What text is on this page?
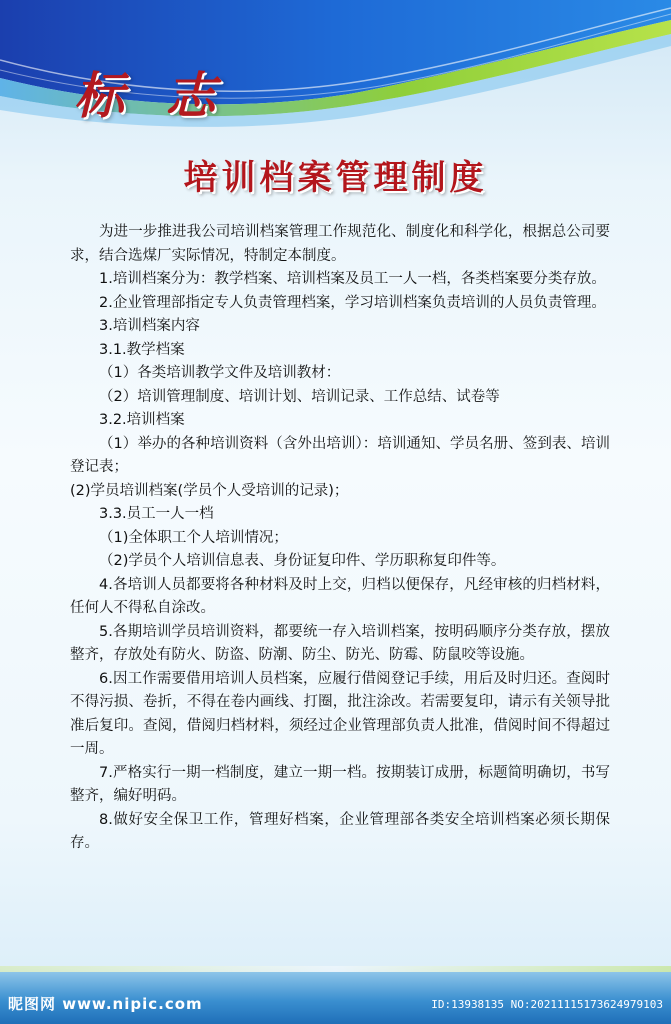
标 志
培训档案管理制度

为进一步推进我公司培训档案管理工作规范化、制度化和科学化，根据总公司要求，结合选煤厂实际情况，特制定本制度。

1.培训档案分为：教学档案、培训档案及员工一人一档，各类档案要分类存放。

2.企业管理部指定专人负责管理档案，学习培训档案负责培训的人员负责管理。

3.培训档案内容

3.1.教学档案

（1）各类培训教学文件及培训教材：

（2）培训管理制度、培训计划、培训记录、工作总结、试卷等

3.2.培训档案

（1）举办的各种培训资料（含外出培训）：培训通知、学员名册、签到表、培训登记表；

(2)学员培训档案(学员个人受培训的记录)；

3.3.员工一人一档

（1)全体职工个人培训情况；

（2)学员个人培训信息表、身份证复印件、学历职称复印件等。

4.各培训人员都要将各种材料及时上交，归档以便保存，凡经审核的归档材料，任何人不得私自涂改。

5.各期培训学员培训资料，都要统一存入培训档案，按明码顺序分类存放，摆放整齐，存放处有防火、防盗、防潮、防尘、防光、防霉、防鼠咬等设施。

6.因工作需要借用培训人员档案，应履行借阅登记手续，用后及时归还。查阅时不得污损、卷折，不得在卷内画线、打圈，批注涂改。若需要复印，请示有关领导批准后复印。查阅，借阅归档材料，须经过企业管理部负责人批准，借阅时间不得超过一周。

7.严格实行一期一档制度，建立一期一档。按期装订成册，标题简明确切，书写整齐，编好明码。

8.做好安全保卫工作，管理好档案，企业管理部各类安全培训档案必须长期保存。

昵图网 www.nipic.com	ID:13938135 NO:20211115173624979103
